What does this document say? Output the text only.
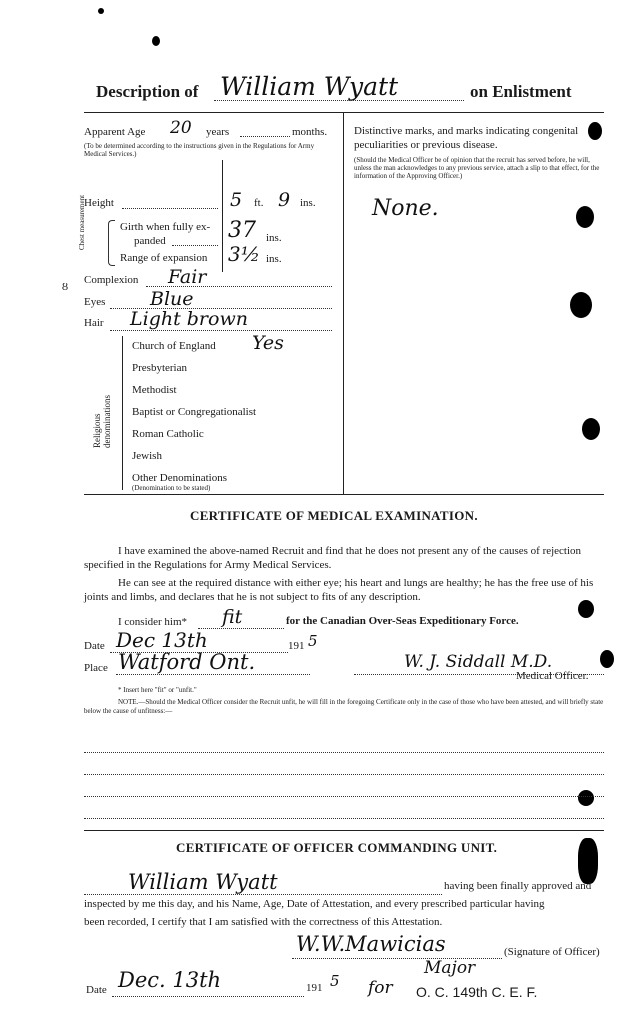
Description of William Wyatt	on Enlistment
Ȣ
Apparent Age 20 years	months.
(To be determined according to the instructions given in the Regulations for Army Medical Services.)
Height	5 ft. 9 ins.
Chest measurement	Girth when fully ex-
panded	37 ins.
Range of expansion 3½ ins.
Complexion Fair
Eyes Blue
Hair Light brown
Religious denominations
Church of England Yes
Presbyterian
Methodist
Baptist or Congregationalist
Roman Catholic
Jewish
Other Denominations
(Denomination to be stated)
Distinctive marks, and marks indicating congenital peculiarities or previous disease.
(Should the Medical Officer be of opinion that the recruit has served before, he will, unless the man acknowledges to any previous service, attach a slip to that effect, for the information of the Approving Officer.)
None.
CERTIFICATE OF MEDICAL EXAMINATION.
I have examined the above-named Recruit and find that he does not present any of the causes of rejection specified in the Regulations for Army Medical Services.
He can see at the required distance with either eye; his heart and lungs are healthy; he has the free use of his joints and limbs, and declares that he is not subject to fits of any description.
I consider him* fit	for the Canadian Over-Seas Expeditionary Force.
Date Dec 13th	191 5
Place Watford Ont.	W. J. Siddall M.D.
Medical Officer.
* Insert here "fit" or "unfit."
NOTE.—Should the Medical Officer consider the Recruit unfit, he will fill in the foregoing Certificate only in the case of those who have been attested, and will briefly state below the cause of unfitness:—
CERTIFICATE OF OFFICER COMMANDING UNIT.
William Wyatt	having been finally approved and
inspected by me this day, and his Name, Age, Date of Attestation, and every prescribed particular having
been recorded, I certify that I am satisfied with the correctness of this Attestation.
W.W.Mawicias	(Signature of Officer)
Major
Date Dec. 13th	191 5 for O. C. 149th C. E. F.
